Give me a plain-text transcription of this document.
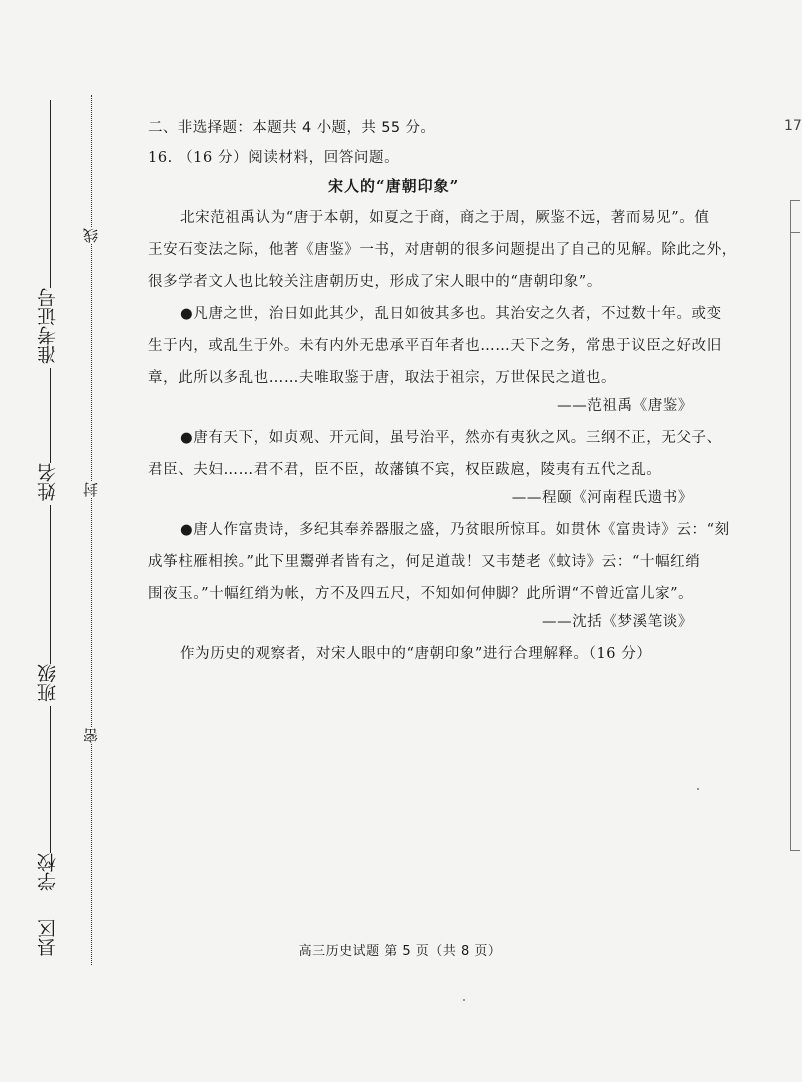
线
封
密
县区
学校
班级
姓名
准考证号
二、非选择题：本题共 4 小题，共 55 分。
16. （16 分）阅读材料，回答问题。
宋人的“唐朝印象”
北宋范祖禹认为“唐于本朝，如夏之于商，商之于周，厥鉴不远，著而易见”。值
王安石变法之际，他著《唐鉴》一书，对唐朝的很多问题提出了自己的见解。除此之外，
很多学者文人也比较关注唐朝历史，形成了宋人眼中的“唐朝印象”。
●凡唐之世，治日如此其少，乱日如彼其多也。其治安之久者，不过数十年。或变
生于内，或乱生于外。未有内外无患承平百年者也……天下之务，常患于议臣之好改旧
章，此所以多乱也……夫唯取鉴于唐，取法于祖宗，万世保民之道也。
——范祖禹《唐鉴》
●唐有天下，如贞观、开元间，虽号治平，然亦有夷狄之风。三纲不正，无父子、
君臣、夫妇……君不君，臣不臣，故藩镇不宾，权臣跋扈，陵夷有五代之乱。
——程颐《河南程氏遗书》
●唐人作富贵诗，多纪其奉养器服之盛，乃贫眼所惊耳。如贯休《富贵诗》云：“刻
成筝柱雁相挨。”此下里鬻弹者皆有之，何足道哉！又韦楚老《蚊诗》云：“十幅红绡
围夜玉。”十幅红绡为帐，方不及四五尺，不知如何伸脚？此所谓“不曾近富儿家”。
——沈括《梦溪笔谈》
作为历史的观察者，对宋人眼中的“唐朝印象”进行合理解释。（16 分）
17
高三历史试题 第 5 页（共 8 页）
